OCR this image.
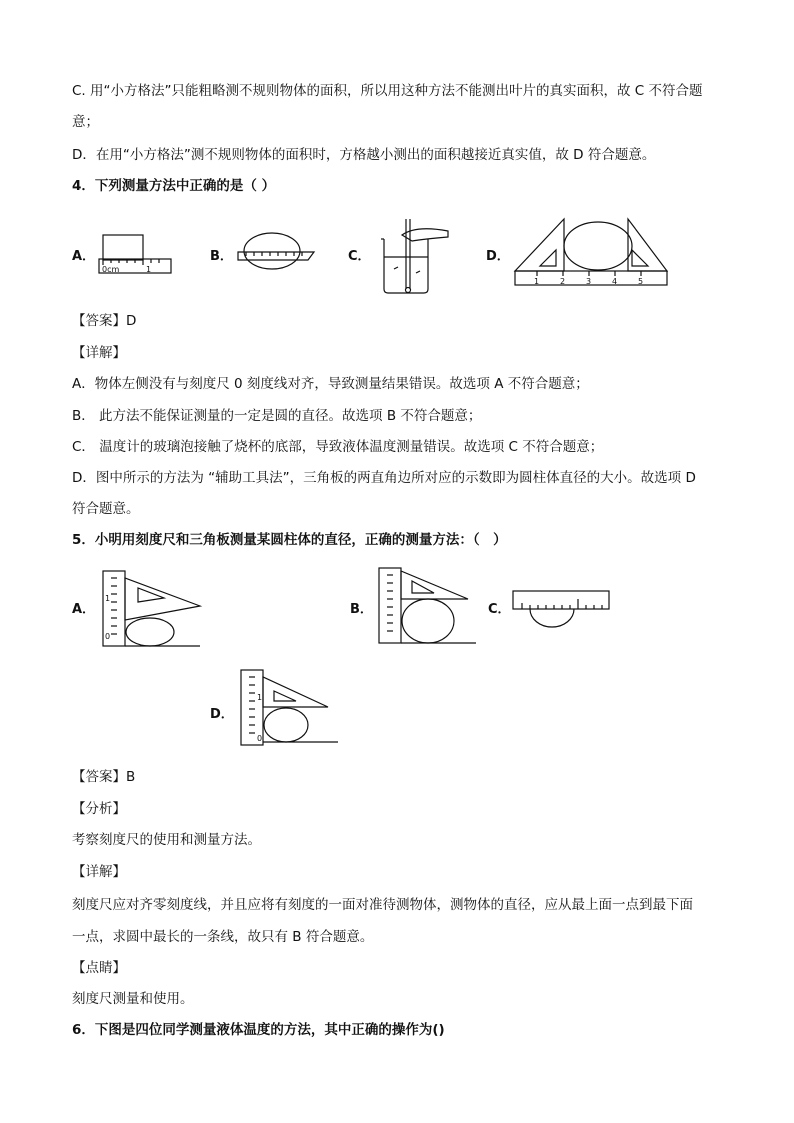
C. 用“小方格法”只能粗略测不规则物体的面积，所以用这种方法不能测出叶片的真实面积，故 C 不符合题
意；
D．在用“小方格法”测不规则物体的面积时，方格越小测出的面积越接近真实值，故 D 符合题意。
4．下列测量方法中正确的是（ ）
A．
0cm	1
B．	C．	D．
1	2	3	4	5
【答案】D
【详解】
A．物体左侧没有与刻度尺 0 刻度线对齐，导致测量结果错误。故选项 A 不符合题意；
B． 此方法不能保证测量的一定是圆的直径。故选项 B 不符合题意；
C． 温度计的玻璃泡接触了烧杯的底部，导致液体温度测量错误。故选项 C 不符合题意；
D．图中所示的方法为 “辅助工具法”，三角板的两直角边所对应的示数即为圆柱体直径的大小。故选项 D
符合题意。
5．小明用刻度尺和三角板测量某圆柱体的直径，正确的测量方法：（　）
A．
1
0
B．	C．
D．
1
0
【答案】B
【分析】
考察刻度尺的使用和测量方法。
【详解】
刻度尺应对齐零刻度线，并且应将有刻度的一面对准待测物体，测物体的直径，应从最上面一点到最下面
一点，求圆中最长的一条线，故只有 B 符合题意。
【点睛】
刻度尺测量和使用。
6．下图是四位同学测量液体温度的方法，其中正确的操作为()
